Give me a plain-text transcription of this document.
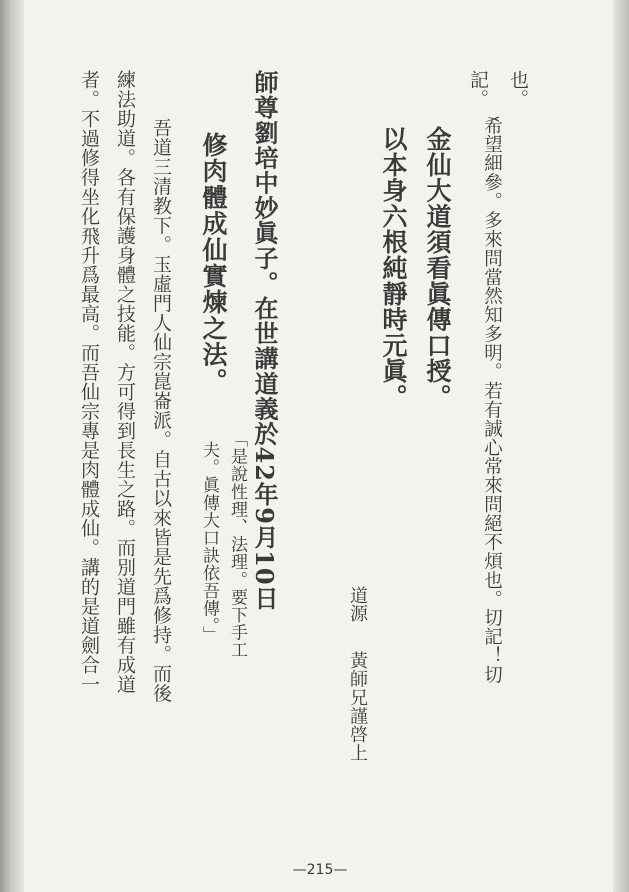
也。
希望細參。多來問當然知多明。若有誠心常來問絕不煩也。切記！切
記。
金仙大道須看眞傳口授。
以本身六根純靜時元眞。
道源
黃師兄謹啓上
師尊劉培中妙眞子。在世講道義於42年9月10日
修肉體成仙實煉之法。
「是說性理、法理。要下手工
夫。眞傳大口訣依吾傳。」
吾道三清教下。玉虛門人仙宗崑崙派。自古以來皆是先爲修持。而後
練法助道。各有保護身體之技能。方可得到長生之路。而別道門雖有成道
者。不過修得坐化飛升爲最高。而吾仙宗專是肉體成仙。講的是道劍合一
—215—
